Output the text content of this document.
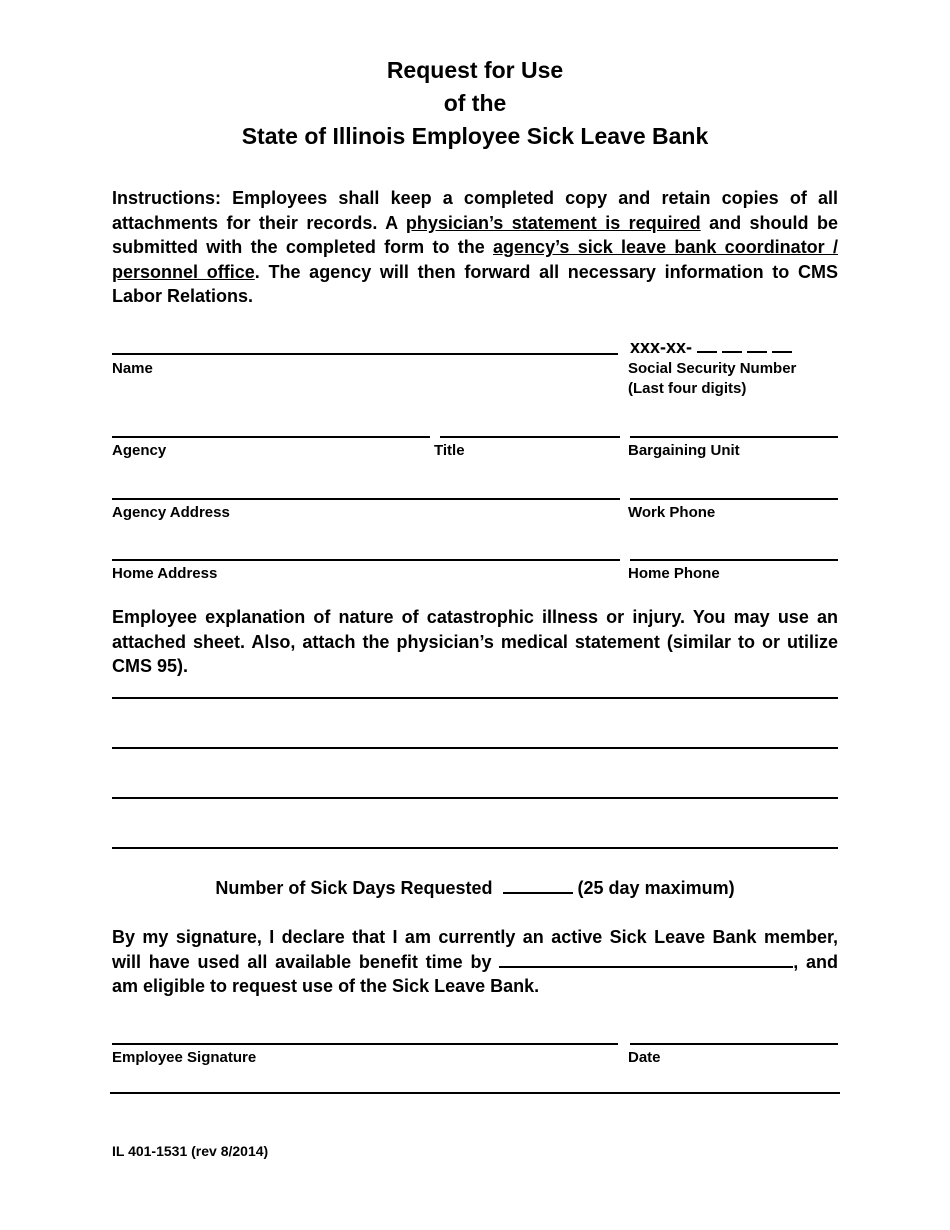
Request for Use
of the
State of Illinois Employee Sick Leave Bank
Instructions: Employees shall keep a completed copy and retain copies of all attachments for their records. A physician’s statement is required and should be submitted with the completed form to the agency’s sick leave bank coordinator / personnel office. The agency will then forward all necessary information to CMS Labor Relations.
xxx-xx-
Name	Social Security Number
(Last four digits)
Agency	Title	Bargaining Unit
Agency Address	Work Phone
Home Address	Home Phone
Employee explanation of nature of catastrophic illness or injury. You may use an attached sheet. Also, attach the physician’s medical statement (similar to or utilize CMS 95).
Number of Sick Days Requested	(25 day maximum)
By my signature, I declare that I am currently an active Sick Leave Bank member, will have used all available benefit time by	, and am eligible to request use of the Sick Leave Bank.
Employee Signature	Date
IL 401-1531 (rev 8/2014)
